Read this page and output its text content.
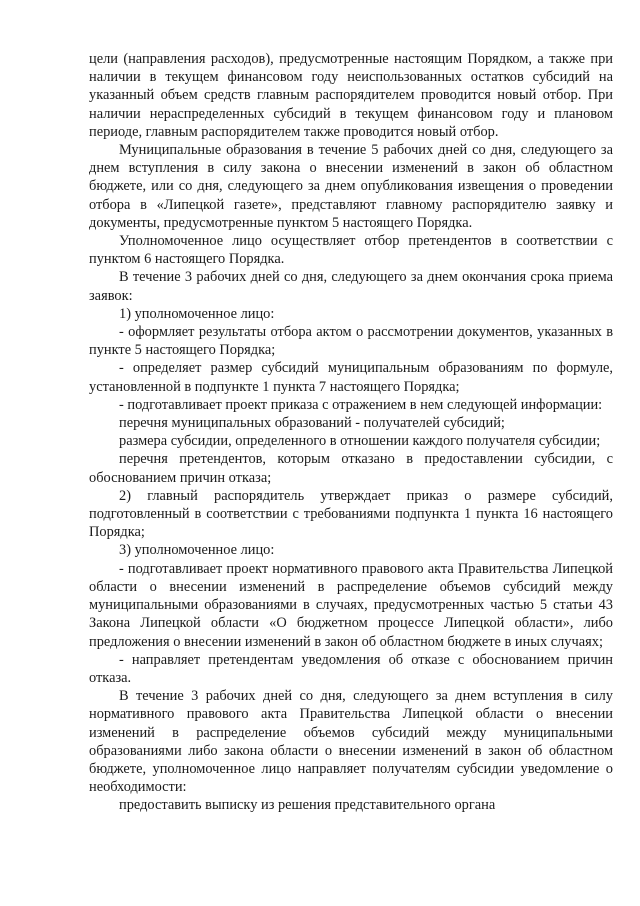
цели (направления расходов), предусмотренные настоящим Порядком, а также при наличии в текущем финансовом году неиспользованных остатков субсидий на указанный объем средств главным распорядителем проводится новый отбор. При наличии нераспределенных субсидий в текущем финансовом году и плановом периоде, главным распорядителем также проводится новый отбор.

Муниципальные образования в течение 5 рабочих дней со дня, следующего за днем вступления в силу закона о внесении изменений в закон об областном бюджете, или со дня, следующего за днем опубликования извещения о проведении отбора в «Липецкой газете», представляют главному распорядителю заявку и документы, предусмотренные пунктом 5 настоящего Порядка.

Уполномоченное лицо осуществляет отбор претендентов в соответствии с пунктом 6 настоящего Порядка.

В течение 3 рабочих дней со дня, следующего за днем окончания срока приема заявок:

1) уполномоченное лицо:

- оформляет результаты отбора актом о рассмотрении документов, указанных в пункте 5 настоящего Порядка;

- определяет размер субсидий муниципальным образованиям по формуле, установленной в подпункте 1 пункта 7 настоящего Порядка;

- подготавливает проект приказа с отражением в нем следующей информации:

перечня муниципальных образований - получателей субсидий;

размера субсидии, определенного в отношении каждого получателя субсидии;

перечня претендентов, которым отказано в предоставлении субсидии, с обоснованием причин отказа;

2) главный распорядитель утверждает приказ о размере субсидий, подготовленный в соответствии с требованиями подпункта 1 пункта 16 настоящего Порядка;

3) уполномоченное лицо:

- подготавливает проект нормативного правового акта Правительства Липецкой области о внесении изменений в распределение объемов субсидий между муниципальными образованиями в случаях, предусмотренных частью 5 статьи 43 Закона Липецкой области «О бюджетном процессе Липецкой области», либо предложения о внесении изменений в закон об областном бюджете в иных случаях;

- направляет претендентам уведомления об отказе с обоснованием причин отказа.

В течение 3 рабочих дней со дня, следующего за днем вступления в силу нормативного правового акта Правительства Липецкой области о внесении изменений в распределение объемов субсидий между муниципальными образованиями либо закона области о внесении изменений в закон об областном бюджете, уполномоченное лицо направляет получателям субсидии уведомление о необходимости:

предоставить выписку из решения представительного органа
